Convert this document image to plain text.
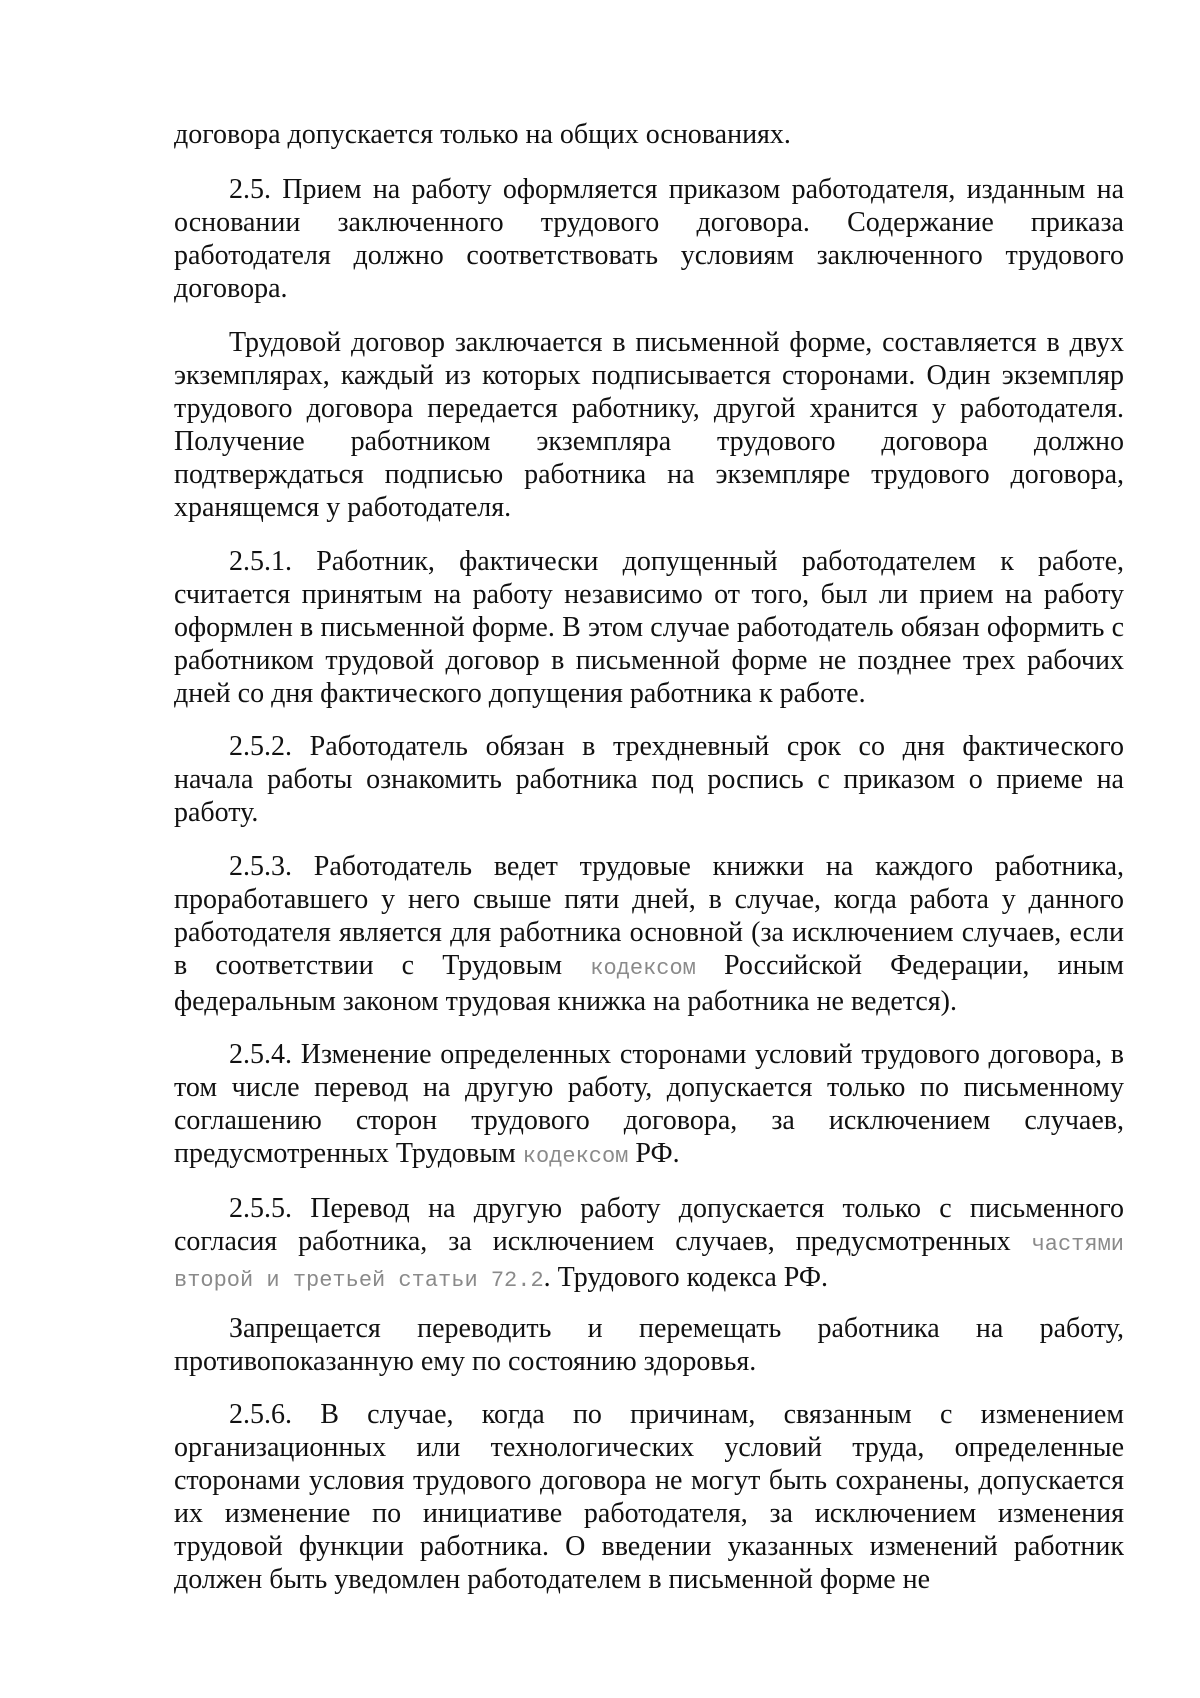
договора допускается только на общих основаниях.

2.5. Прием на работу оформляется приказом работодателя, изданным на основании заключенного трудового договора. Содержание приказа работодателя должно соответствовать условиям заключенного трудового договора.

Трудовой договор заключается в письменной форме, составляется в двух экземплярах, каждый из которых подписывается сторонами. Один экземпляр трудового договора передается работнику, другой хранится у работодателя. Получение работником экземпляра трудового договора должно подтверждаться подписью работника на экземпляре трудового договора, хранящемся у работодателя.

2.5.1. Работник, фактически допущенный работодателем к работе, считается принятым на работу независимо от того, был ли прием на работу оформлен в письменной форме. В этом случае работодатель обязан оформить с работником трудовой договор в письменной форме не позднее трех рабочих дней со дня фактического допущения работника к работе.

2.5.2. Работодатель обязан в трехдневный срок со дня фактического начала работы ознакомить работника под роспись с приказом о приеме на работу.

2.5.3. Работодатель ведет трудовые книжки на каждого работника, проработавшего у него свыше пяти дней, в случае, когда работа у данного работодателя является для работника основной (за исключением случаев, если в соответствии с Трудовым кодексом Российской Федерации, иным федеральным законом трудовая книжка на работника не ведется).

2.5.4. Изменение определенных сторонами условий трудового договора, в том числе перевод на другую работу, допускается только по письменному соглашению сторон трудового договора, за исключением случаев, предусмотренных Трудовым кодексом РФ.

2.5.5. Перевод на другую работу допускается только с письменного согласия работника, за исключением случаев, предусмотренных частями второй и третьей статьи 72.2. Трудового кодекса РФ.

Запрещается переводить и перемещать работника на работу, противопоказанную ему по состоянию здоровья.

2.5.6. В случае, когда по причинам, связанным с изменением организационных или технологических условий труда, определенные сторонами условия трудового договора не могут быть сохранены, допускается их изменение по инициативе работодателя, за исключением изменения трудовой функции работника. О введении указанных изменений работник должен быть уведомлен работодателем в письменной форме не
